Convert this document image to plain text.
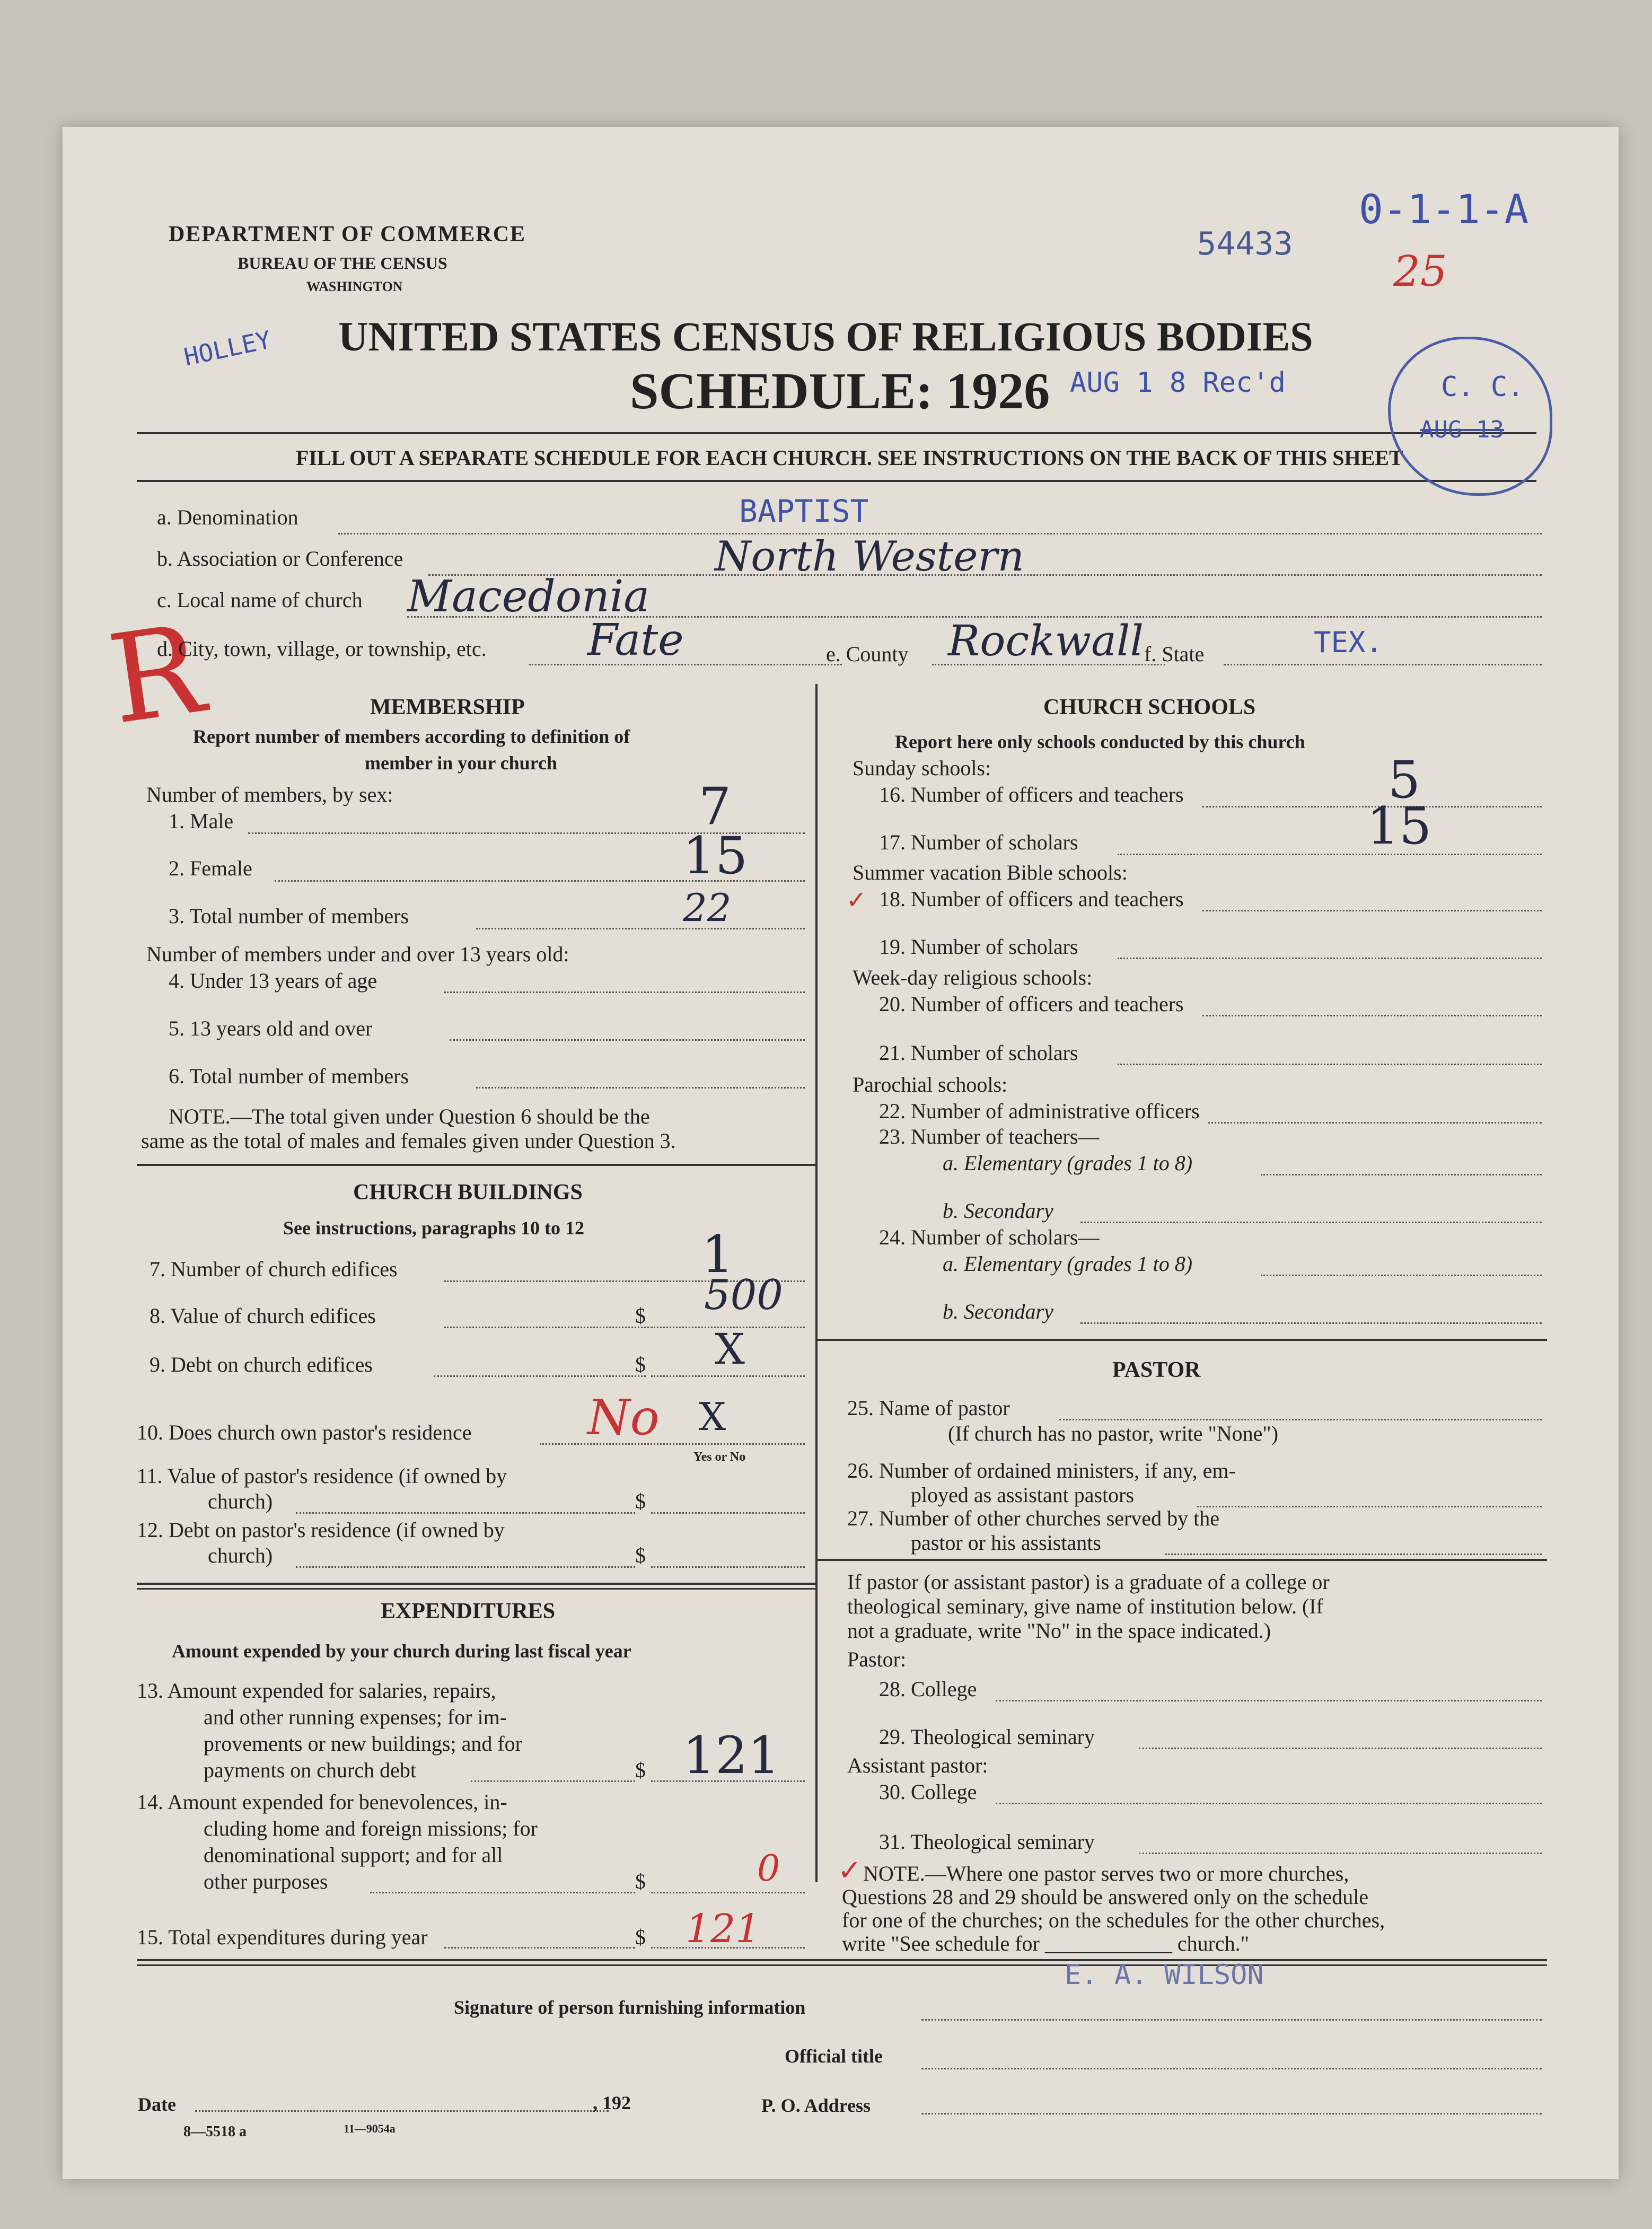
DEPARTMENT OF COMMERCE
BUREAU OF THE CENSUS
WASHINGTON
UNITED STATES CENSUS OF RELIGIOUS BODIES
SCHEDULE: 1926
FILL OUT A SEPARATE SCHEDULE FOR EACH CHURCH. SEE INSTRUCTIONS ON THE BACK OF THIS SHEET
0-1-1-A
54433
25
HOLLEY
AUG 1 8 Rec'd	C. C.
AUG 13
R
a. Denomination	BAPTIST
b. Association or Conference	North Western
c. Local name of church Macedonia
d. City, town, village, or township, etc. Fate	e. County Rockwall f. State	TEX.
MEMBERSHIP
Report number of members according to definition of
member in your church
Number of members, by sex:
1. Male	7
2. Female	15
3. Total number of members	22
Number of members under and over 13 years old:
4. Under 13 years of age
5. 13 years old and over
6. Total number of members
NOTE.—The total given under Question 6 should be the
same as the total of males and females given under Question 3.
CHURCH BUILDINGS
See instructions, paragraphs 10 to 12
7. Number of church edifices	1
8. Value of church edifices	$ 500
9. Debt on church edifices	$ X
10. Does church own pastor's residence No X
Yes or No
11. Value of pastor's residence (if owned by
church)	$
12. Debt on pastor's residence (if owned by
church)	$
EXPENDITURES
Amount expended by your church during last fiscal year
13. Amount expended for salaries, repairs,
and other running expenses; for im-
provements or new buildings; and for
payments on church debt	$ 121
14. Amount expended for benevolences, in-
cluding home and foreign missions; for
denominational support; and for all
other purposes	$	0
15. Total expenditures during year	$ 121
CHURCH SCHOOLS
Report here only schools conducted by this church
Sunday schools:
16. Number of officers and teachers	5
17. Number of scholars	15
Summer vacation Bible schools:
✓ 18. Number of officers and teachers
19. Number of scholars
Week-day religious schools:
20. Number of officers and teachers
21. Number of scholars
Parochial schools:
22. Number of administrative officers
23. Number of teachers—
a. Elementary (grades 1 to 8)
b. Secondary
24. Number of scholars—
a. Elementary (grades 1 to 8)
b. Secondary
PASTOR
25. Name of pastor
(If church has no pastor, write "None")
26. Number of ordained ministers, if any, em-
ployed as assistant pastors
27. Number of other churches served by the
pastor or his assistants
If pastor (or assistant pastor) is a graduate of a college or
theological seminary, give name of institution below. (If
not a graduate, write "No" in the space indicated.)
Pastor:
28. College
29. Theological seminary
Assistant pastor:
30. College
31. Theological seminary
✓ NOTE.—Where one pastor serves two or more churches,
Questions 28 and 29 should be answered only on the schedule
for one of the churches; on the schedules for the other churches,
write "See schedule for ____________ church."
E. A. WILSON
Signature of person furnishing information
Official title
Date	, 192	P. O. Address
8—5518 a	11—9054a
